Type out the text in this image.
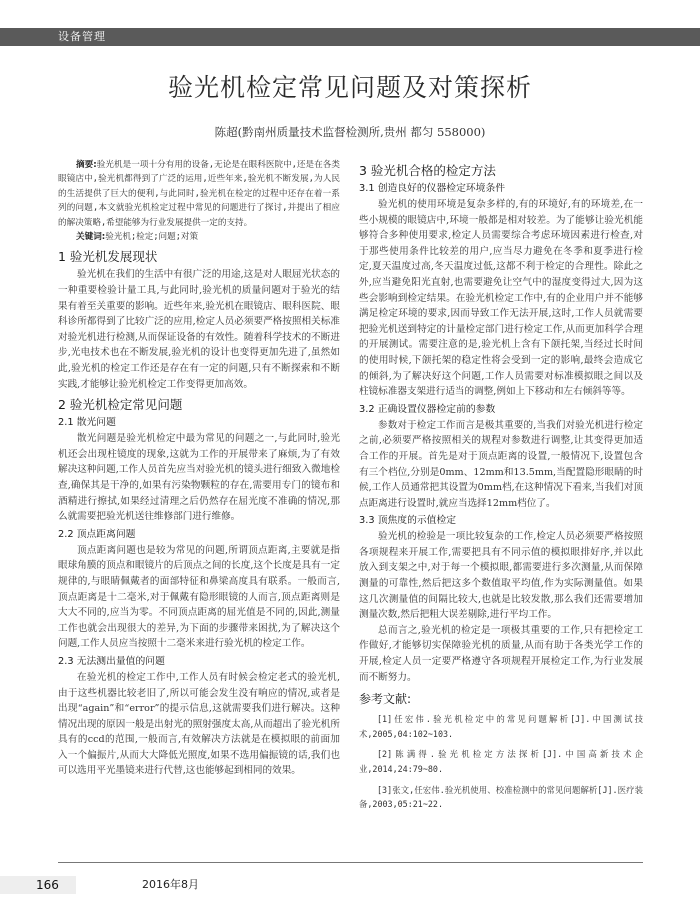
设备管理
验光机检定常见问题及对策探析
陈超(黔南州质量技术监督检测所,贵州 都匀 558000)
摘要:验光机是一项十分有用的设备,无论是在眼科医院中,还是在各类眼镜店中,验光机都得到了广泛的运用,近些年来,验光机不断发展,为人民的生活提供了巨大的便利,与此同时,验光机在检定的过程中还存在着一系列的问题,本文就验光机检定过程中常见的问题进行了探讨,并提出了相应的解决策略,希望能够为行业发展提供一定的支持。
关键词:验光机;检定;问题;对策
1 验光机发展现状

验光机在我们的生活中有很广泛的用途,这是对人眼屈光状态的一种重要检验计量工具,与此同时,验光机的质量问题对于验光的结果有着至关重要的影响。近些年来,验光机在眼镜店、眼科医院、眼科诊所都得到了比较广泛的应用,检定人员必须要严格按照相关标准对验光机进行检测,从而保证设备的有效性。随着科学技术的不断进步,光电技术也在不断发展,验光机的设计也变得更加先进了,虽然如此,验光机的检定工作还是存在有一定的问题,只有不断探索和不断实践,才能够让验光机检定工作变得更加高效。

2 验光机检定常见问题
2.1 散光问题

散光问题是验光机检定中最为常见的问题之一,与此同时,验光机还会出现柱镜度的现象,这就为工作的开展带来了麻烦,为了有效解决这种问题,工作人员首先应当对验光机的镜头进行细致入微地检查,确保其是干净的,如果有污染物颗粒的存在,需要用专门的镜布和酒精进行擦拭,如果经过清理之后仍然存在屈光度不准确的情况,那么就需要把验光机送往维修部门进行维修。

2.2 顶点距离问题

顶点距离问题也是较为常见的问题,所谓顶点距离,主要就是指眼球角膜的顶点和眼镜片的后顶点之间的长度,这个长度是具有一定规律的,与眼睛佩戴者的面部特征和鼻梁高度具有联系。一般而言,顶点距离是十二毫米,对于佩戴有隐形眼镜的人而言,顶点距离则是大大不同的,应当为零。不同顶点距离的屈光值是不同的,因此,测量工作也就会出现很大的差异,为下面的步骤带来困扰,为了解决这个问题,工作人员应当按照十二毫米来进行验光机的检定工作。

2.3 无法测出量值的问题

在验光机的检定工作中,工作人员有时候会检定老式的验光机,由于这些机器比较老旧了,所以可能会发生没有响应的情况,或者是出现“again”和“error”的提示信息,这就需要我们进行解决。这种情况出现的原因一般是出射光的照射强度太高,从而超出了验光机所具有的ccd的范围,一般而言,有效解决方法就是在模拟眼的前面加入一个偏振片,从而大大降低光照度,如果不选用偏振镜的话,我们也可以选用平光墨镜来进行代替,这也能够起到相同的效果。

3 验光机合格的检定方法
3.1 创造良好的仪器检定环境条件

验光机的使用环境是复杂多样的,有的环境好,有的环境差,在一些小规模的眼镜店中,环境一般都是相对较差。为了能够让验光机能够符合多种使用要求,检定人员需要综合考虑环境因素进行检查,对于那些使用条件比较差的用户,应当尽力避免在冬季和夏季进行检定,夏天温度过高,冬天温度过低,这都不利于检定的合理性。除此之外,应当避免阳光直射,也需要避免让空气中的湿度变得过大,因为这些会影响到检定结果。在验光机检定工作中,有的企业用户并不能够满足检定环境的要求,因而导致工作无法开展,这时,工作人员就需要把验光机送到特定的计量检定部门进行检定工作,从而更加科学合理的开展测试。需要注意的是,验光机上含有下颌托架,当经过长时间的使用时候,下颌托架的稳定性将会受到一定的影响,最终会造成它的倾斜,为了解决好这个问题,工作人员需要对标准模拟眼之间以及柱镜标准器支架进行适当的调整,例如上下移动和左右倾斜等等。

3.2 正确设置仪器检定前的参数

参数对于检定工作而言是极其重要的,当我们对验光机进行检定之前,必须要严格按照相关的规程对参数进行调整,让其变得更加适合工作的开展。首先是对于顶点距离的设置,一般情况下,设置包含有三个档位,分别是0mm、12mm和13.5mm,当配置隐形眼睛的时候,工作人员通常把其设置为0mm档,在这种情况下看来,当我们对顶点距离进行设置时,就应当选择12mm档位了。

3.3 顶焦度的示值检定

验光机的检验是一项比较复杂的工作,检定人员必须要严格按照各项规程来开展工作,需要把具有不同示值的模拟眼排好序,并以此放入到支架之中,对于每一个模拟眼,都需要进行多次测量,从而保障测量的可靠性,然后把这多个数值取平均值,作为实际测量值。如果这几次测量值的间隔比较大,也就是比较发散,那么我们还需要增加测量次数,然后把粗大误差剔除,进行平均工作。

总而言之,验光机的检定是一项极其重要的工作,只有把检定工作做好,才能够切实保障验光机的质量,从而有助于各类光学工作的开展,检定人员一定要严格遵守各项规程开展检定工作,为行业发展而不断努力。

参考文献:
[1]任宏伟.验光机检定中的常见问题解析[J].中国测试技术,2005,04:102~103.
[2]陈满得.验光机检定方法探析[J].中国高新技术企业,2014,24:79~80.
[3]张文,任宏伟.验光机使用、校准检测中的常见问题解析[J].医疗装备,2003,05:21~22.
166	2016年8月
